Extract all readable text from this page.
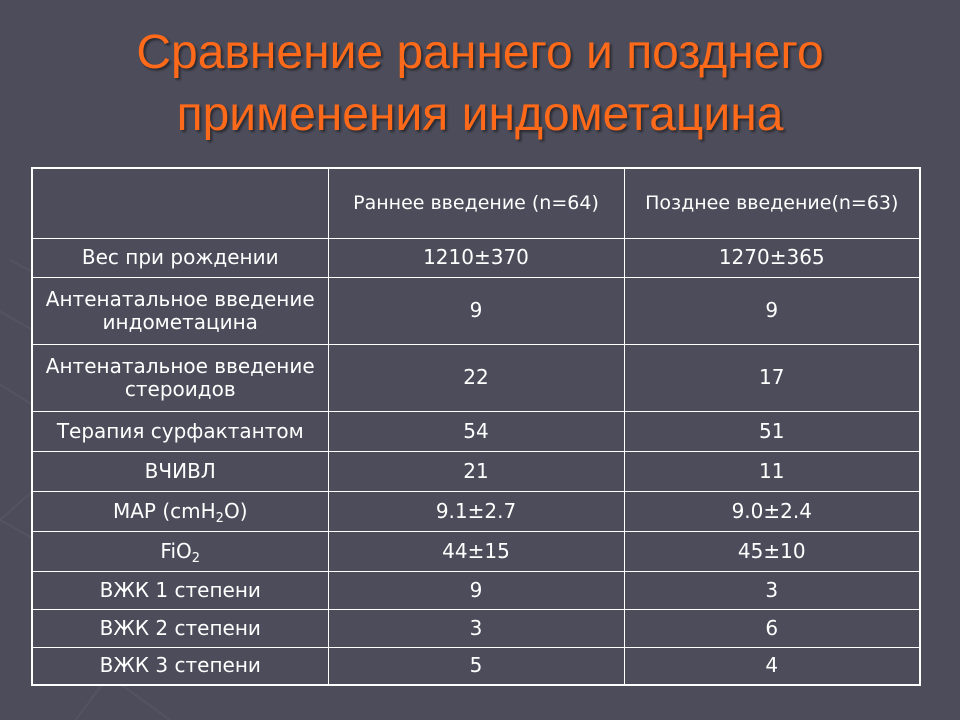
Сравнение раннего и позднего
применения индометацина
	Раннее введение (n=64)	Позднее введение(n=63)
Вес при рождении	1210±370	1270±365
Антенатальное введение
индометацина	9	9
Антенатальное введение
стероидов	22	17
Терапия сурфактантом	54	51
ВЧИВЛ	21	11
MAP (cmH$_2$O)	9.1±2.7	9.0±2.4
FiO$_2$	44±15	45±10
ВЖК 1 степени	9	3
ВЖК 2 степени	3	6
ВЖК 3 степени	5	4
